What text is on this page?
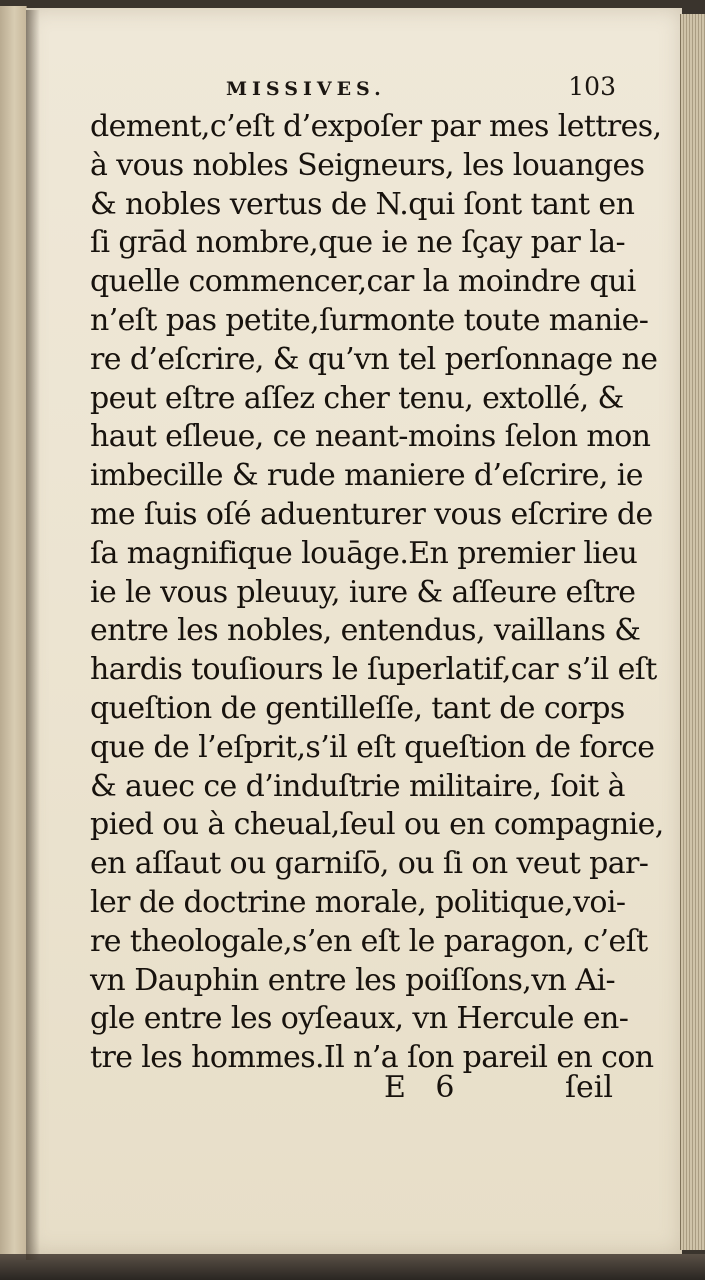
MISSIVES.	103
dement,c’eſt d’expoſer par mes lettres,
à vous nobles Seigneurs, les louanges
& nobles vertus de N.qui ſont tant en
ſi grād nombre,que ie ne ſçay par la-
quelle commencer,car la moindre qui
n’eſt pas petite,ſurmonte toute manie-
re d’eſcrire, & qu’vn tel perſonnage ne
peut eſtre aſſez cher tenu, extollé, &
haut eſleue, ce neant-moins ſelon mon
imbecille & rude maniere d’eſcrire, ie
me ſuis oſé aduenturer vous eſcrire de
ſa magnifique louāge.En premier lieu
ie le vous pleuuy, iure & aſſeure eſtre
entre les nobles, entendus, vaillans &
hardis touſiours le ſuperlatif,car s’il eſt
queſtion de gentilleſſe, tant de corps
que de l’eſprit,s’il eſt queſtion de force
& auec ce d’induſtrie militaire, ſoit à
pied ou à cheual,ſeul ou en compagnie,
en aſſaut ou garniſō, ou ſi on veut par-
ler de doctrine morale, politique,voi-
re theologale,s’en eſt le paragon, c’eſt
vn Dauphin entre les poiſſons,vn Ai-
gle entre les oyſeaux, vn Hercule en-
tre les hommes.Il n’a ſon pareil en con
E 6	ſeil
